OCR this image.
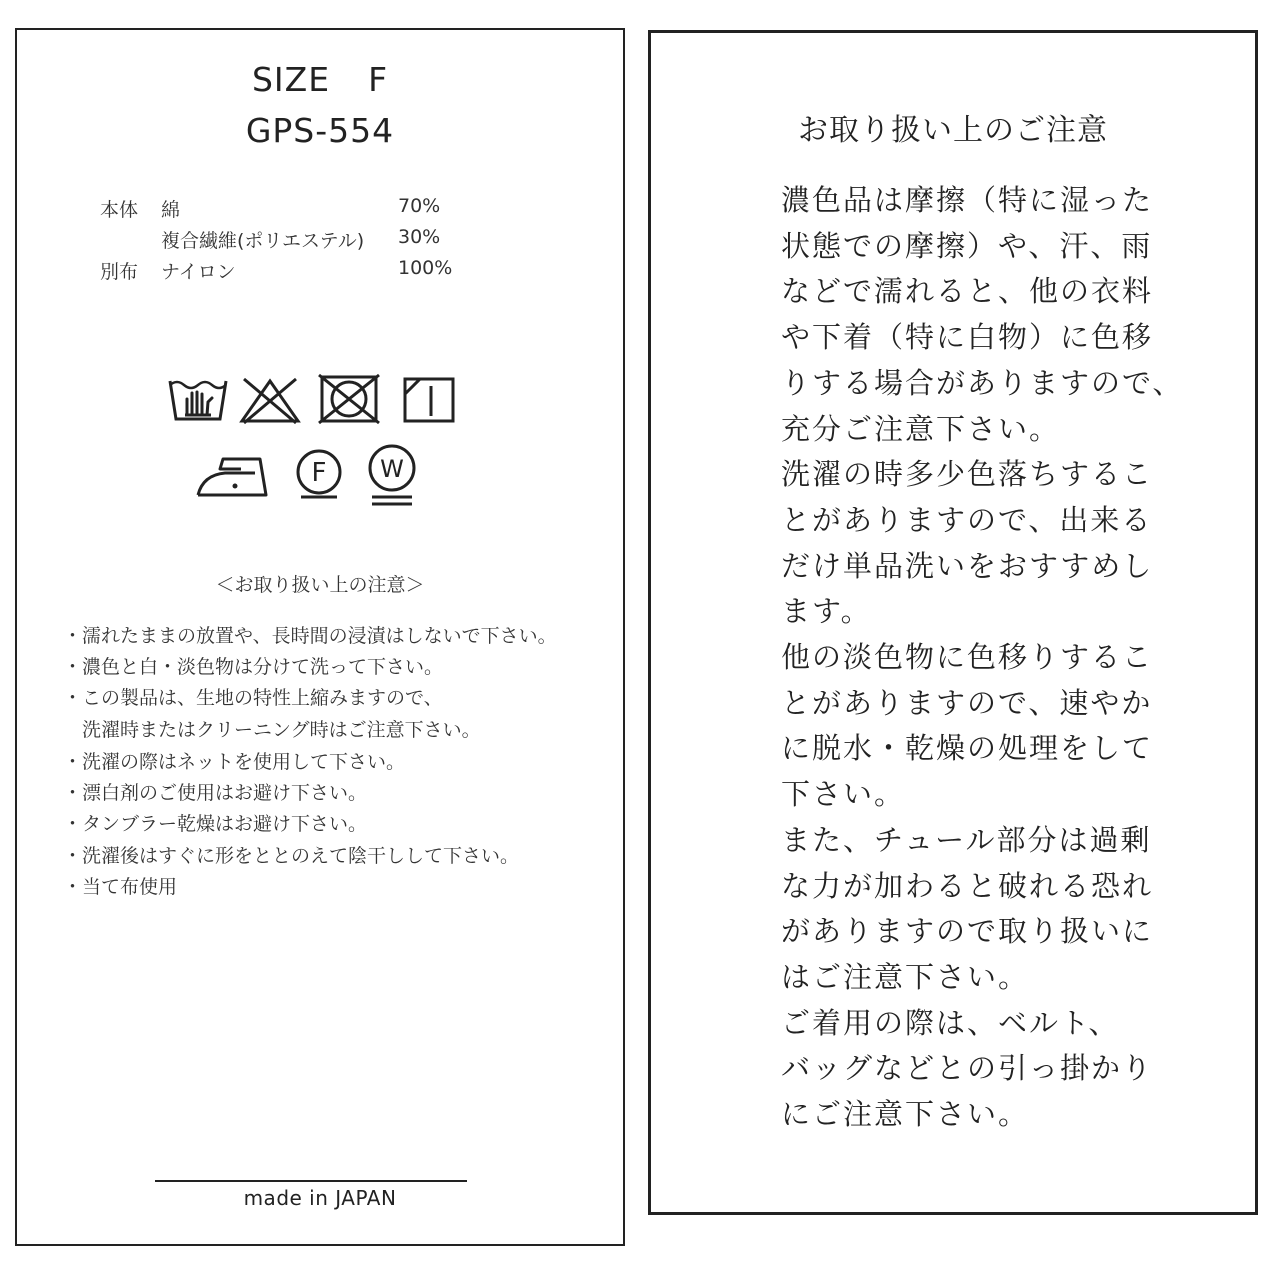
SIZE F
GPS-554
本体 綿	70%
複合繊維(ポリエステル) 30%
別布 ナイロン	100%
F W
＜お取り扱い上の注意＞
・濡れたままの放置や、長時間の浸漬はしないで下さい。
・濃色と白・淡色物は分けて洗って下さい。
・この製品は、生地の特性上縮みますので、
洗濯時またはクリーニング時はご注意下さい。
・洗濯の際はネットを使用して下さい。
・漂白剤のご使用はお避け下さい。
・タンブラー乾燥はお避け下さい。
・洗濯後はすぐに形をととのえて陰干しして下さい。
・当て布使用
made in JAPAN
お取り扱い上のご注意
濃色品は摩擦（特に湿った
状態での摩擦）や、汗、雨
などで濡れると、他の衣料
や下着（特に白物）に色移
りする場合がありますので、
充分ご注意下さい。
洗濯の時多少色落ちするこ
とがありますので、出来る
だけ単品洗いをおすすめし
ます。
他の淡色物に色移りするこ
とがありますので、速やか
に脱水・乾燥の処理をして
下さい。
また、チュール部分は過剰
な力が加わると破れる恐れ
がありますので取り扱いに
はご注意下さい。
ご着用の際は、ベルト、
バッグなどとの引っ掛かり
にご注意下さい。
